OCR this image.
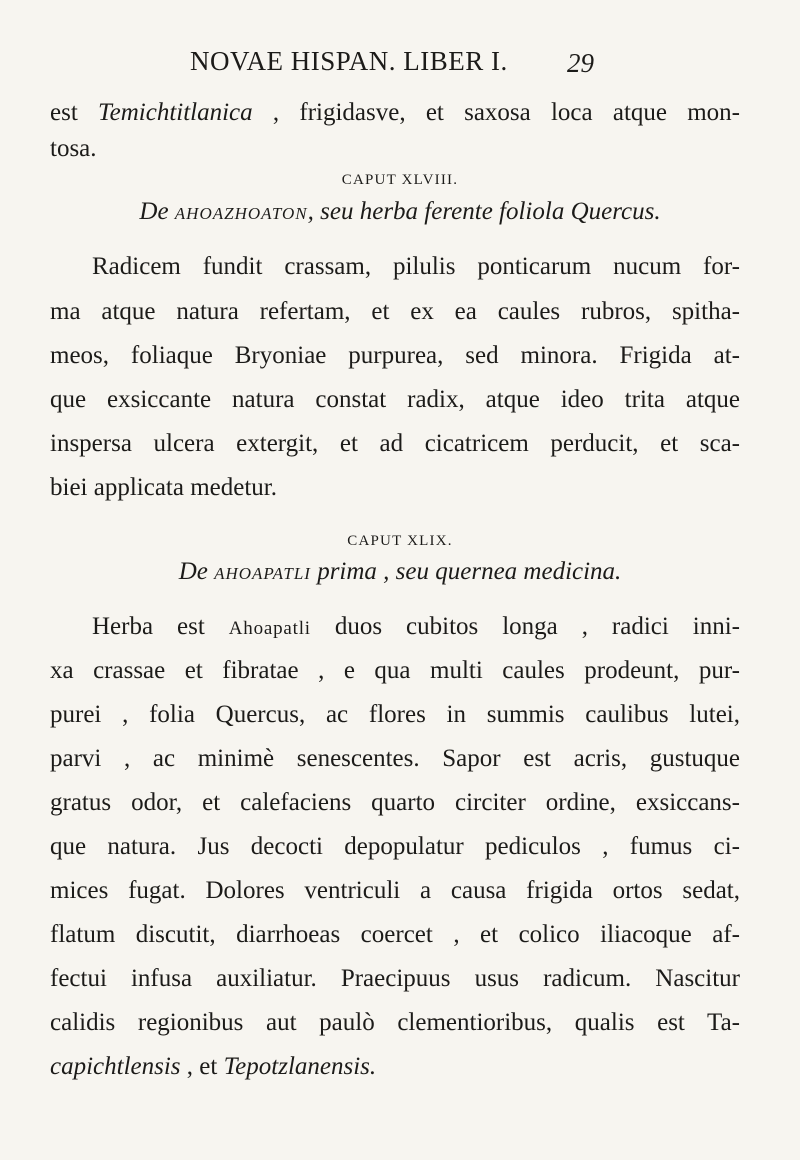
NOVAE HISPAN. LIBER I. 29
est Temichtitlanica , frigidasve, et saxosa loca atque mon-
tosa.
CAPUT XLVIII.
De AHOAZHOATON, seu herba ferente foliola Quercus.
Radicem fundit crassam, pilulis ponticarum nucum for-
ma atque natura refertam, et ex ea caules rubros, spitha-
meos, foliaque Bryoniae purpurea, sed minora. Frigida at-
que exsiccante natura constat radix, atque ideo trita atque
inspersa ulcera extergit, et ad cicatricem perducit, et sca-
biei applicata medetur.
CAPUT XLIX.
De AHOAPATLI prima , seu quernea medicina.
Herba est Ahoapatli duos cubitos longa , radici inni-
xa crassae et fibratae , e qua multi caules prodeunt, pur-
purei , folia Quercus, ac flores in summis caulibus lutei,
parvi , ac minimè senescentes. Sapor est acris, gustuque
gratus odor, et calefaciens quarto circiter ordine, exsiccans-
que natura. Jus decocti depopulatur pediculos , fumus ci-
mices fugat. Dolores ventriculi a causa frigida ortos sedat,
flatum discutit, diarrhoeas coercet , et colico iliacoque af-
fectui infusa auxiliatur. Praecipuus usus radicum. Nascitur
calidis regionibus aut paulò clementioribus, qualis est Ta-
capichtlensis , et Tepotzlanensis.
